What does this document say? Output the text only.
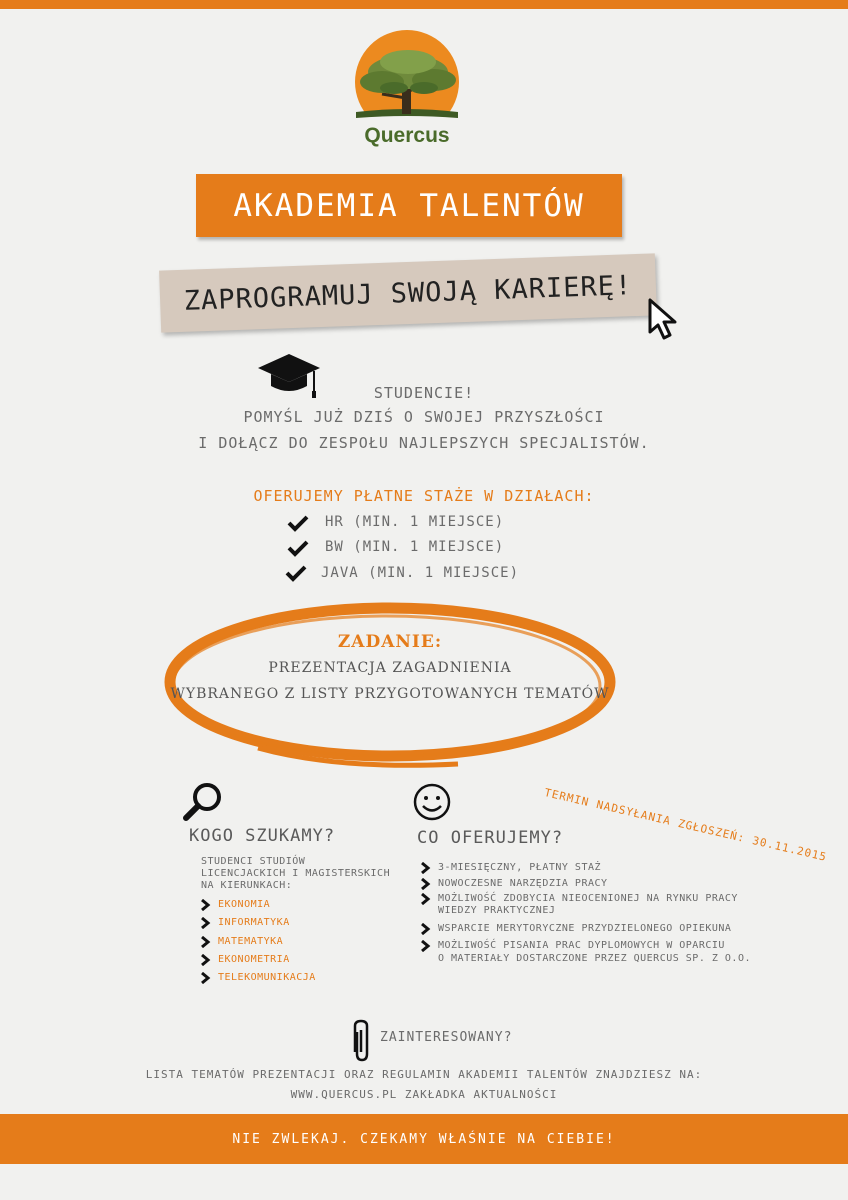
Quercus
AKADEMIA TALENTÓW
ZAPROGRAMUJ SWOJĄ KARIERĘ!
STUDENCIE!
POMYŚL JUŻ DZIŚ O SWOJEJ PRZYSZŁOŚCI
I DOŁĄCZ DO ZESPOŁU NAJLEPSZYCH SPECJALISTÓW.
OFERUJEMY PŁATNE STAŻE W DZIAŁACH:
HR (MIN. 1 MIEJSCE)
BW (MIN. 1 MIEJSCE)
JAVA (MIN. 1 MIEJSCE)
ZADANIE:
PREZENTACJA ZAGADNIENIA
WYBRANEGO Z LISTY PRZYGOTOWANYCH TEMATÓW
TERMIN NADSYŁANIA ZGŁOSZEŃ: 30.11.2015
KOGO SZUKAMY?
STUDENCI STUDIÓW
LICENCJACKICH I MAGISTERSKICH
NA KIERUNKACH:
EKONOMIA
INFORMATYKA
MATEMATYKA
EKONOMETRIA
TELEKOMUNIKACJA
CO OFERUJEMY?
3-MIESIĘCZNY, PŁATNY STAŻ
NOWOCZESNE NARZĘDZIA PRACY
MOŻLIWOŚĆ ZDOBYCIA NIEOCENIONEJ NA RYNKU PRACY
WIEDZY PRAKTYCZNEJ
WSPARCIE MERYTORYCZNE PRZYDZIELONEGO OPIEKUNA
MOŻLIWOŚĆ PISANIA PRAC DYPLOMOWYCH W OPARCIU
O MATERIAŁY DOSTARCZONE PRZEZ QUERCUS SP. Z O.O.
ZAINTERESOWANY?
LISTA TEMATÓW PREZENTACJI ORAZ REGULAMIN AKADEMII TALENTÓW ZNAJDZIESZ NA:
WWW.QUERCUS.PL ZAKŁADKA AKTUALNOŚCI
NIE ZWLEKAJ. CZEKAMY WŁAŚNIE NA CIEBIE!
